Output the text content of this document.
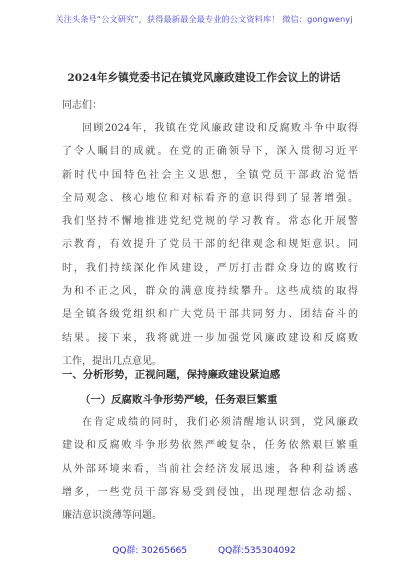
关注头条号“公文研究”，获得最新最全最专业的公文资料库！ 微信：gongwenyj
2024年乡镇党委书记在镇党风廉政建设工作会议上的讲话
同志们：
回顾2024年，我镇在党风廉政建设和反腐败斗争中取得
了令人瞩目的成就。在党的正确领导下，深入贯彻习近平
新时代中国特色社会主义思想，全镇党员干部政治觉悟
全局观念、核心地位和对标看齐的意识得到了显著增强。
我们坚持不懈地推进党纪党规的学习教育。常态化开展警
示教育，有效提升了党员干部的纪律观念和规矩意识。同
时，我们持续深化作风建设，严厉打击群众身边的腐败行
为和不正之风，群众的满意度持续攀升。这些成绩的取得
是全镇各级党组织和广大党员干部共同努力、团结奋斗的
结果。接下来，我将就进一步加强党风廉政建设和反腐败
工作，提出几点意见。
一、分析形势，正视问题，保持廉政建设紧迫感
（一）反腐败斗争形势严峻，任务艰巨繁重
在肯定成绩的同时，我们必须清醒地认识到，党风廉政
建设和反腐败斗争形势依然严峻复杂，任务依然艰巨繁重
从外部环境来看，当前社会经济发展迅速，各种利益诱惑
增多，一些党员干部容易受到侵蚀，出现理想信念动摇、
廉洁意识淡薄等问题。
QQ群: 30265665	QQ群:535304092
